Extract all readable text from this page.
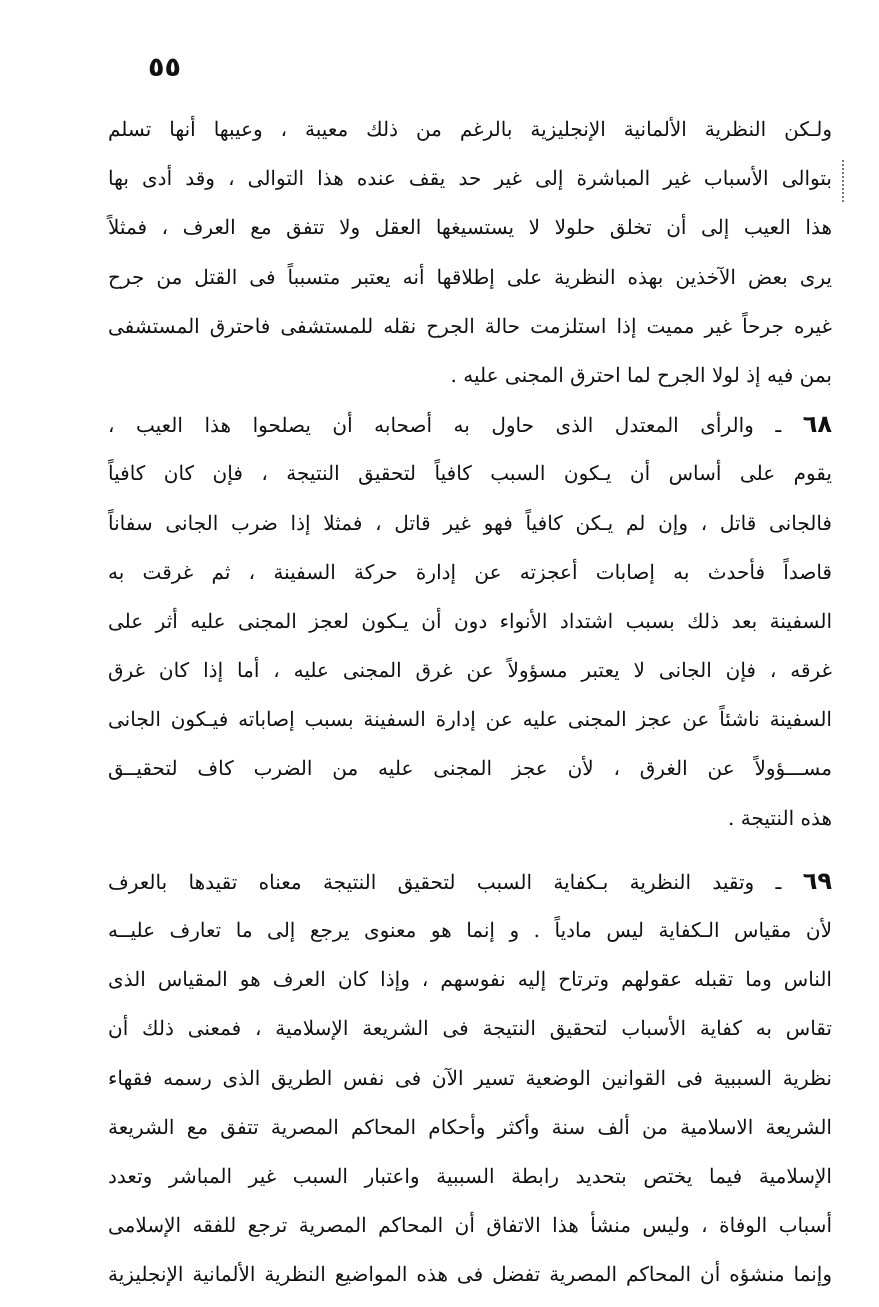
٥٥
ولـكن النظرية الألمانية الإنجليزية بالرغم من ذلك معيبة ، وعيبها أنها تسلم
بتوالى الأسباب غير المباشرة إلى غير حد يقف عنده هذا التوالى ، وقد أدى بها
هذا العيب إلى أن تخلق حلولا لا يستسيغها العقل ولا تتفق مع العرف ، فمثلاً
يرى بعض الآخذين بهذه النظرية على إطلاقها أنه يعتبر متسبباً فى القتل من جرح
غيره جرحاً غير مميت إذا استلزمت حالة الجرح نقله للمستشفى فاحترق المستشفى
بمن فيه إذ لولا الجرح لما احترق المجنى عليه .
٦٨ ـ والرأى المعتدل الذى حاول به أصحابه أن يصلحوا هذا العيب ،
يقوم على أساس أن يـكون السبب كافياً لتحقيق النتيجة ، فإن كان كافياً
فالجانى قاتل ، وإن لم يـكن كافياً فهو غير قاتل ، فمثلا إذا ضرب الجانى سفاناً
قاصداً فأحدث به إصابات أعجزته عن إدارة حركة السفينة ، ثم غرقت به
السفينة بعد ذلك بسبب اشتداد الأنواء دون أن يـكون لعجز المجنى عليه أثر على
غرقه ، فإن الجانى لا يعتبر مسؤولاً عن غرق المجنى عليه ، أما إذا كان غرق
السفينة ناشئاً عن عجز المجنى عليه عن إدارة السفينة بسبب إصاباته فيـكون الجانى
مســـؤولاً عن الغرق ، لأن عجز المجنى عليه من الضرب كاف لتحقيــق
هذه النتيجة .
٦٩ ـ وتقيد النظرية بـكفاية السبب لتحقيق النتيجة معناه تقيدها بالعرف
لأن مقياس الـكفاية ليس مادياً . و إنما هو معنوى يرجع إلى ما تعارف عليــه
الناس وما تقبله عقولهم وترتاح إليه نفوسهم ، وإذا كان العرف هو المقياس الذى
تقاس به كفاية الأسباب لتحقيق النتيجة فى الشريعة الإسلامية ، فمعنى ذلك أن
نظرية السببية فى القوانين الوضعية تسير الآن فى نفس الطريق الذى رسمه فقهاء
الشريعة الاسلامية من ألف سنة وأكثر وأحكام المحاكم المصرية تتفق مع الشريعة
الإسلامية فيما يختص بتحديد رابطة السببية واعتبار السبب غير المباشر وتعدد
أسباب الوفاة ، وليس منشأ هذا الاتفاق أن المحاكم المصرية ترجع للفقه الإسلامى
وإنما منشؤه أن المحاكم المصرية تفضل فى هذه المواضيع النظرية الألمانية الإنجليزية
